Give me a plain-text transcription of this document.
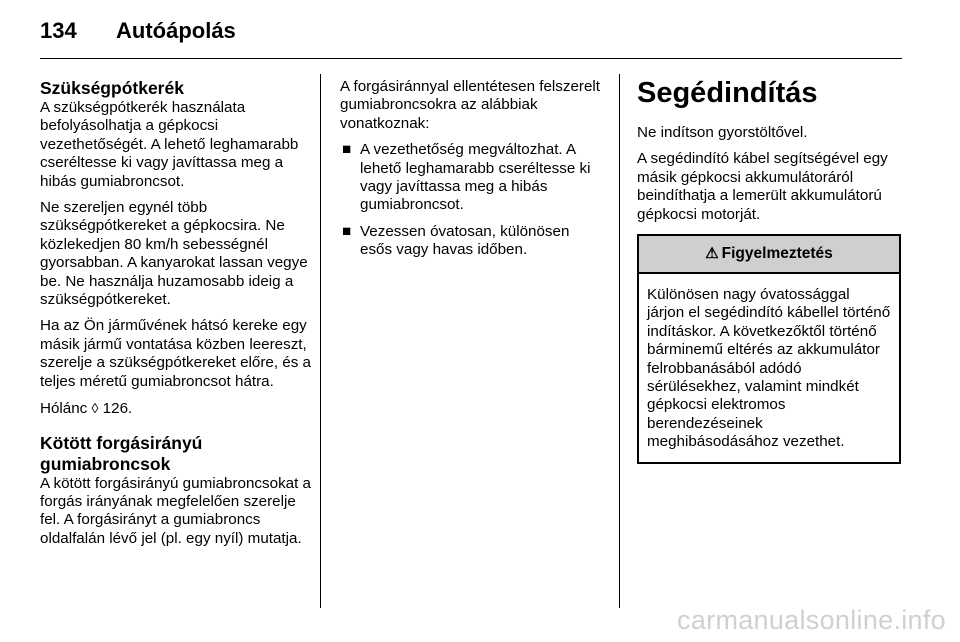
134 Autóápolás
Szükségpótkerék

A szükségpótkerék használata befolyásolhatja a gépkocsi vezethetőségét. A lehető leghamarabb cseréltesse ki vagy javíttassa meg a hibás gumiabroncsot.

Ne szereljen egynél több szükségpótkereket a gépkocsira. Ne közlekedjen 80 km/h sebességnél gyorsabban. A kanyarokat lassan vegye be. Ne használja huzamosabb ideig a szükségpótkereket.

Ha az Ön járművének hátsó kereke egy másik jármű vontatása közben leereszt, szerelje a szükségpótkereket előre, és a teljes méretű gumiabroncsot hátra.

Hólánc ◊ 126.

Kötött forgásirányú gumiabroncsok

A kötött forgásirányú gumiabroncsokat a forgás irányának megfelelően szerelje fel. A forgásirányt a gumiabroncs oldalfalán lévő jel (pl. egy nyíl) mutatja.

A forgásiránnyal ellentétesen felszerelt gumiabroncsokra az alábbiak vonatkoznak:

■ A vezethetőség megváltozhat. A lehető leghamarabb cseréltesse ki vagy javíttassa meg a hibás gumiabroncsot.
■ Vezessen óvatosan, különösen esős vagy havas időben.
Segédindítás

Ne indítson gyorstöltővel.

A segédindító kábel segítségével egy másik gépkocsi akkumulátoráról beindíthatja a lemerült akkumulátorú gépkocsi motorját.

⚠ Figyelmeztetés
Különösen nagy óvatossággal járjon el segédindító kábellel történő indításkor. A következőktől történő bárminemű eltérés az akkumulátor felrobbanásából adódó sérülésekhez, valamint mindkét gépkocsi elektromos berendezéseinek meghibásodásához vezethet.
carmanualsonline.info
